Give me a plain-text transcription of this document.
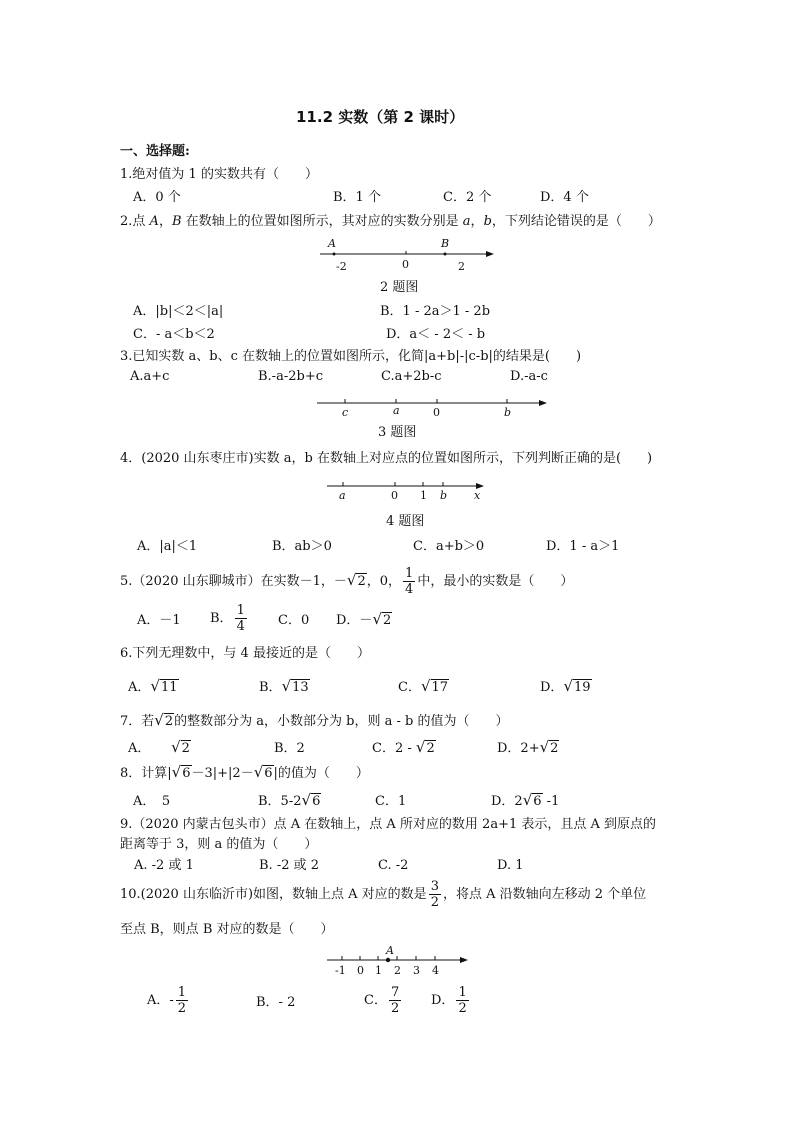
11.2 实数（第 2 课时）
一、选择题:
1.绝对值为 1 的实数共有（　　）
A．0 个	B．1 个	C．2 个	D．4 个
2.点 A，B 在数轴上的位置如图所示，其对应的实数分别是 a，b，下列结论错误的是（　　）
A	B
-2	0	2
2 题图
A．|b|＜2＜|a|	B．1 - 2a＞1 - 2b
C．- a＜b＜2	D．a＜ - 2＜ - b
3.已知实数 a、b、c 在数轴上的位置如图所示，化简|a+b|-|c-b|的结果是(　　)
A.a+c	B.-a-2b+c	C.a+2b-c	D.-a-c
c	a	0	b
3 题图
4．(2020 山东枣庄市)实数 a，b 在数轴上对应点的位置如图所示，下列判断正确的是(　　)
a	0 1 b x
4 题图
A．|a|＜1	B．ab＞0	C．a+b＞0	D．1 - a＞1
5.（2020 山东聊城市）在实数－1，－√2，0， $\frac{1}{4}$ 中，最小的实数是（　　）
A．－1 B． $\frac{1}{4}$ C．0 D．－√2
6.下列无理数中，与 4 最接近的是（　　）
A．√11	B．√13	C．√17	D．√19
7．若√2的整数部分为 a，小数部分为 b，则 a - b 的值为（　　）
A． √2	B．2	C．2 - √2	D．2+√2
8．计算|√6－3|+|2－√6|的值为（　　）
A．　5	B．5-2√6	C．1	D．2√6 -1
9.（2020 内蒙古包头市）点 A 在数轴上，点 A 所对应的数用 2a+1 表示，且点 A 到原点的
距离等于 3，则 a 的值为（　　）
A. -2 或 1	B. -2 或 2	C. -2	D. 1
10.(2020 山东临沂市)如图，数轴上点 A 对应的数是 $\frac{3}{2}$ ，将点 A 沿数轴向左移动 2 个单位
至点 B，则点 B 对应的数是（　　）
A
-1 0 1 2 3 4
A．- $\frac{1}{2}$	B．- 2	C． $\frac{7}{2}$ D． $\frac{1}{2}$
